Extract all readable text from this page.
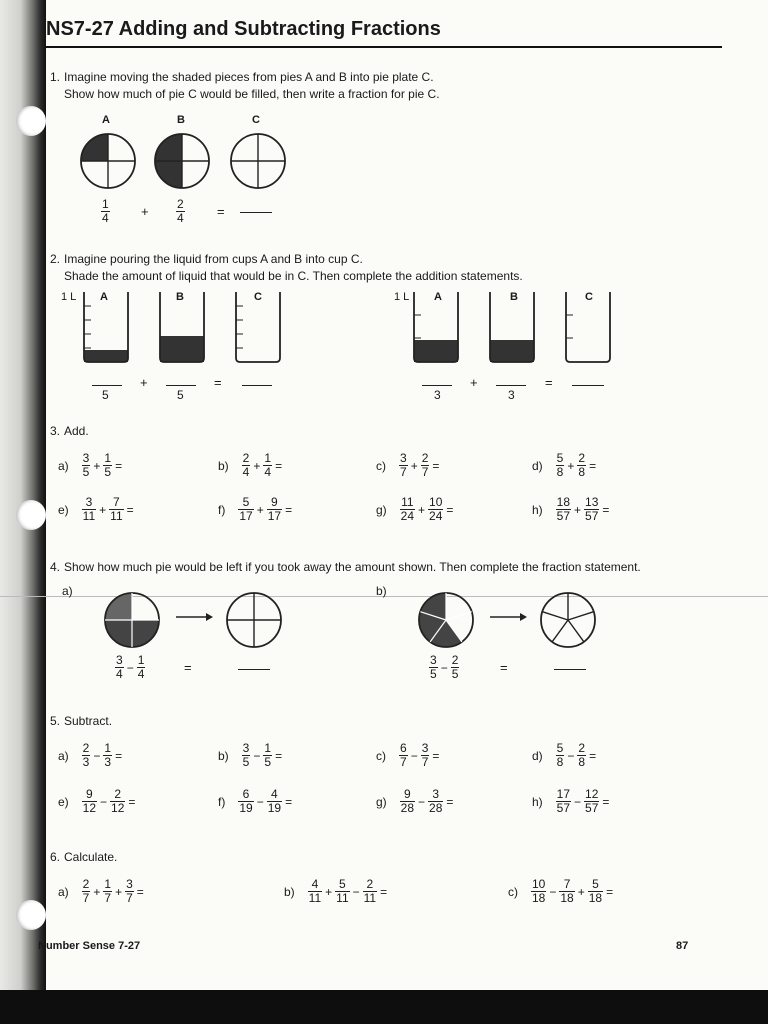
NS7-27 Adding and Subtracting Fractions
1. Imagine moving the shaded pieces from pies A and B into pie plate C.
Show how much of pie C would be filled, then write a fraction for pie C.
A	B	C
$\frac{1}{4} + \frac{2}{4}$ =
2. Imagine pouring the liquid from cups A and B into cup C.
Shade the amount of liquid that would be in C. Then complete the addition statements.
1 L A	B	C
5
+
5
=
1 L A	B	C
3
+
3
=
3. Add.
$a) \frac{3}{5} + \frac{1}{5}$ =	$b) \frac{2}{4} + \frac{1}{4}$ =	$c) \frac{3}{7} + \frac{2}{7}$ =	$d) \frac{5}{8} + \frac{2}{8}$ =
$e) \frac{3}{11} + \frac{7}{11}$ =	$f) \frac{5}{17} + \frac{9}{17}$ =	$g) \frac{11}{24} + \frac{10}{24}$ =	$h) \frac{18}{57} + \frac{13}{57}$ =
4. Show how much pie would be left if you took away the amount shown. Then complete the fraction statement.
a)	b)
$\frac{3}{4} - \frac{1}{4}$	=	$\frac{3}{5} - \frac{2}{5}$	=
5. Subtract.
$a) \frac{2}{3} - \frac{1}{3}$ =	$b) \frac{3}{5} - \frac{1}{5}$ =	$c) \frac{6}{7} - \frac{3}{7}$ =	$d) \frac{5}{8} - \frac{2}{8}$ =
$e) \frac{9}{12} - \frac{2}{12}$ =	$f) \frac{6}{19} - \frac{4}{19}$ =	$g) \frac{9}{28} - \frac{3}{28}$ =	$h) \frac{17}{57} - \frac{12}{57}$ =
6. Calculate.
$a) \frac{2}{7} + \frac{1}{7} + \frac{3}{7}$ =	$b) \frac{4}{11} + \frac{5}{11} - \frac{2}{11}$ =	$c) \frac{10}{18} - \frac{7}{18} + \frac{5}{18}$ =
Number Sense 7-27	87
